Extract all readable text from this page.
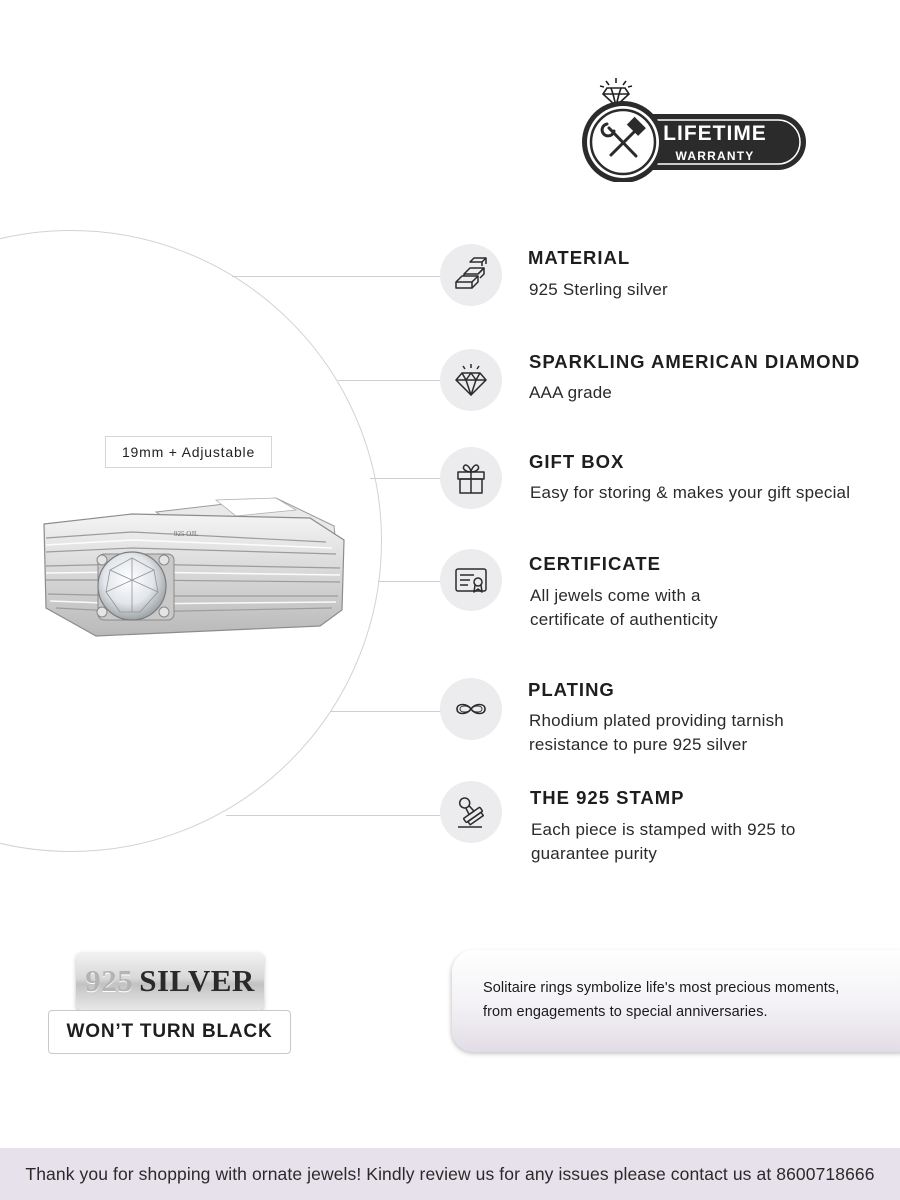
LIFETIME
WARRANTY
19mm + Adjustable
925 OJL
MATERIAL
925 Sterling silver
SPARKLING AMERICAN DIAMOND
AAA grade
GIFT BOX
Easy for storing & makes your gift special
CERTIFICATE
All jewels come with a
certificate of authenticity
PLATING
Rhodium plated providing tarnish
resistance to pure 925 silver
THE 925 STAMP
Each piece is stamped with 925 to
guarantee purity
925 SILVER
WON’T TURN BLACK

Solitaire rings symbolize life's most precious moments,

from engagements to special anniversaries.

Thank you for shopping with ornate jewels! Kindly review us for any issues please contact us at 8600718666
